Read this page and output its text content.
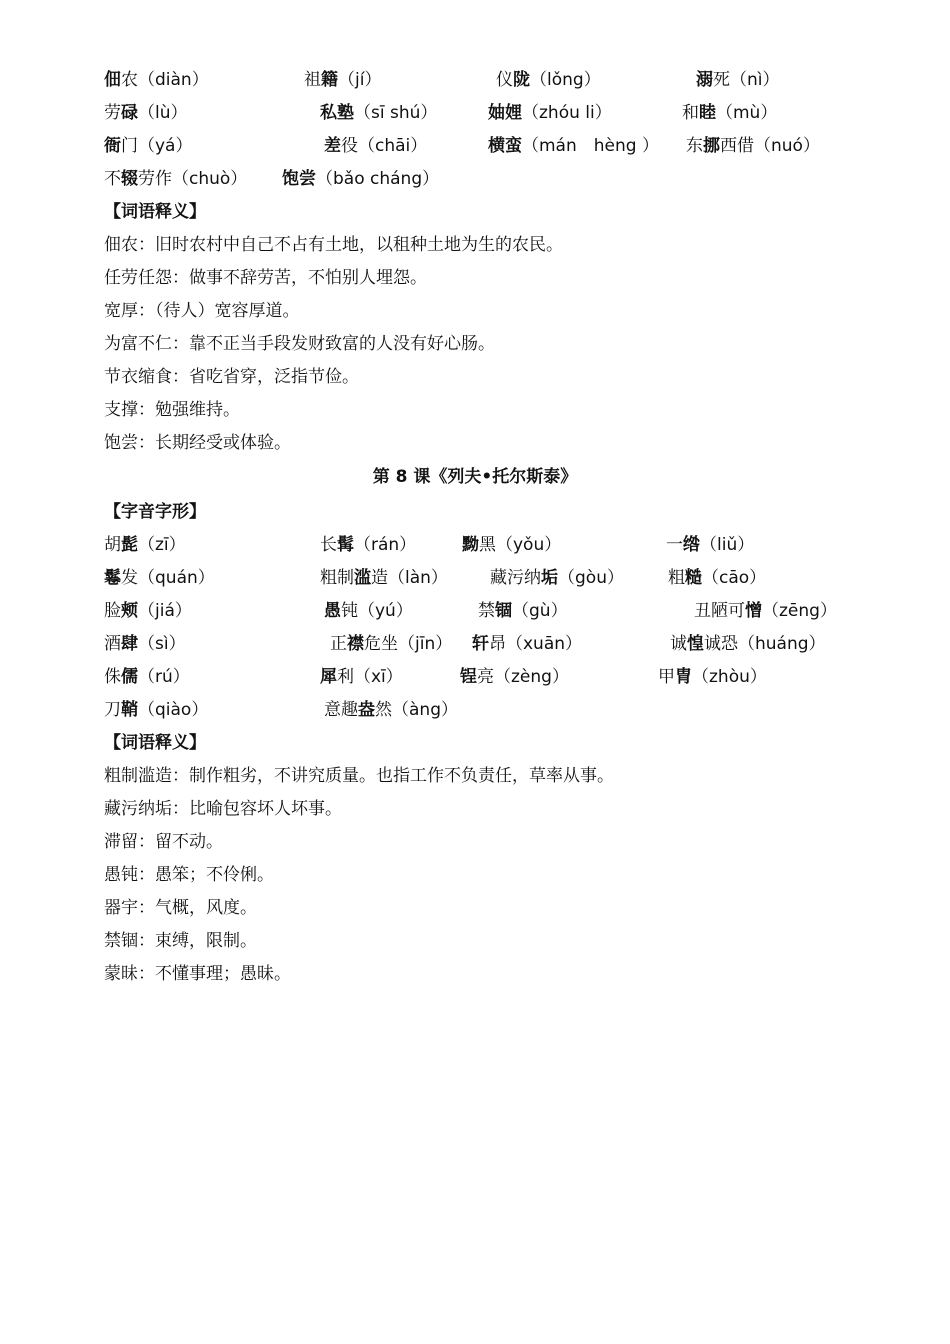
佃农（diàn）	祖籍（jí）	仪陇（lǒng）	溺死（nì）
劳碌（lù）	私塾（sī shú）	妯娌（zhóu li）	和睦（mù）
衙门（yá）	差役（chāi）	横蛮（mán　hèng ） 东挪西借（nuó）
不辍劳作（chuò） 饱尝（bǎo cháng）
【词语释义】
佃农：旧时农村中自己不占有土地，以租种土地为生的农民。
任劳任怨：做事不辞劳苦，不怕别人埋怨。
宽厚：（待人）宽容厚道。
为富不仁：靠不正当手段发财致富的人没有好心肠。
节衣缩食：省吃省穿，泛指节俭。
支撑：勉强维持。
饱尝：长期经受或体验。
第 8 课《列夫•托尔斯泰》
【字音字形】
胡髭（zī）	长髯（rán）	黝黑（yǒu）	一绺（liǔ）
鬈发（quán）	粗制滥造（làn） 藏污纳垢（gòu）	粗糙（cāo）
脸颊（jiá）	愚钝（yú）	禁锢（gù）	丑陋可憎（zēng）
酒肆（sì）	正襟危坐（jīn） 轩昂（xuān）	诚惶诚恐（huáng）
侏儒（rú）	犀利（xī）	锃亮（zèng）	甲胄（zhòu）
刀鞘（qiào）	意趣盎然（àng）
【词语释义】
粗制滥造：制作粗劣，不讲究质量。也指工作不负责任，草率从事。
藏污纳垢：比喻包容坏人坏事。
滞留：留不动。
愚钝：愚笨；不伶俐。
器宇：气概，风度。
禁锢：束缚，限制。
蒙昧：不懂事理；愚昧。
